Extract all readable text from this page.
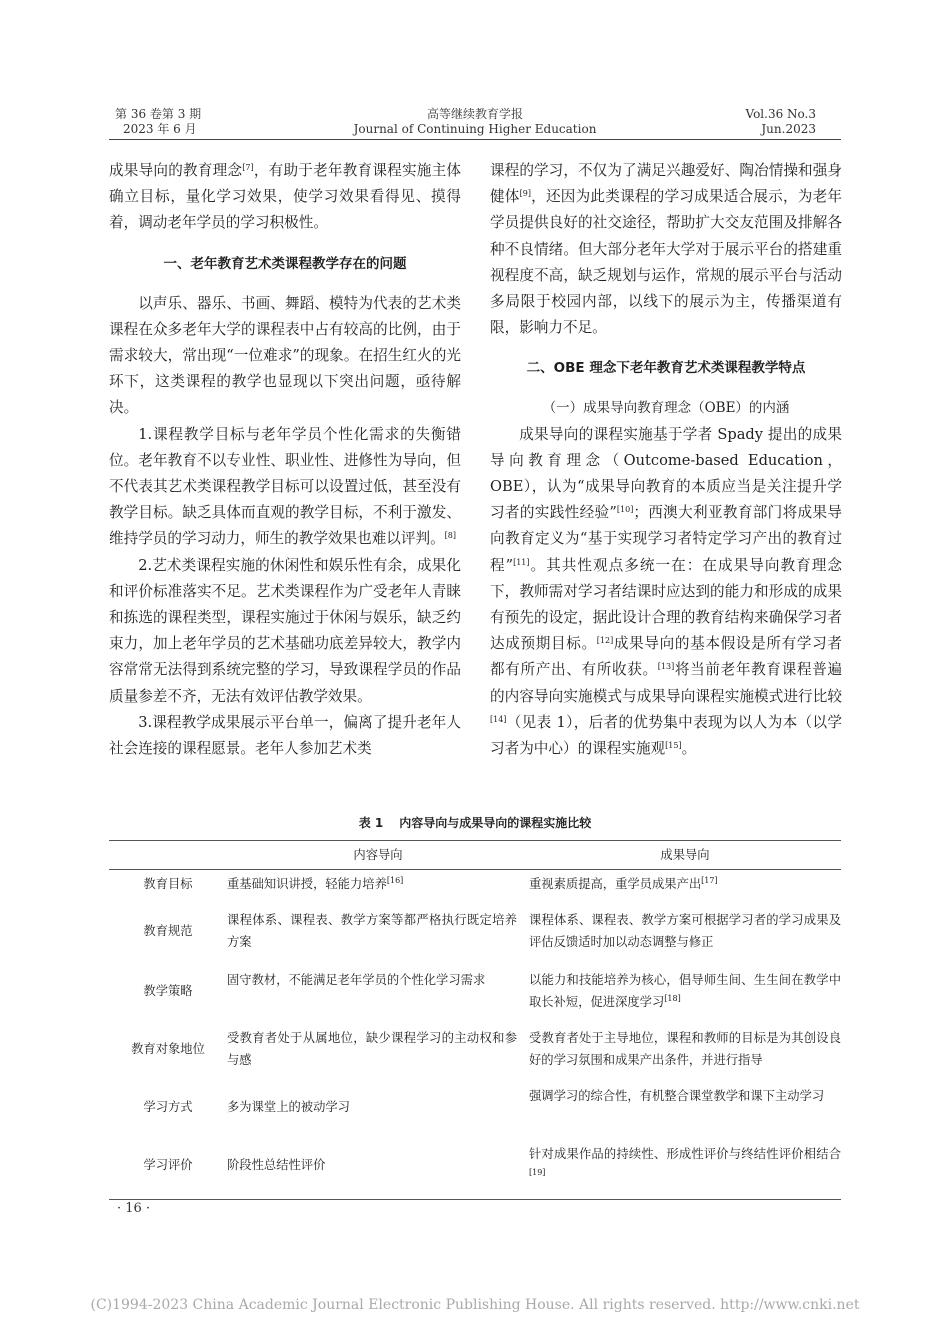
第 36 卷第 3 期
2023 年 6 月
高等继续教育学报
Journal of Continuing Higher Education
Vol.36 No.3
Jun.2023

成果导向的教育理念[7]，有助于老年教育课程实施主体确立目标，量化学习效果，使学习效果看得见、摸得着，调动老年学员的学习积极性。

一、老年教育艺术类课程教学存在的问题

以声乐、器乐、书画、舞蹈、模特为代表的艺术类课程在众多老年大学的课程表中占有较高的比例，由于需求较大，常出现“一位难求”的现象。在招生红火的光环下，这类课程的教学也显现以下突出问题，亟待解决。

1.课程教学目标与老年学员个性化需求的失衡错位。老年教育不以专业性、职业性、进修性为导向，但不代表其艺术类课程教学目标可以设置过低，甚至没有教学目标。缺乏具体而直观的教学目标，不利于激发、维持学员的学习动力，师生的教学效果也难以评判。[8]

2.艺术类课程实施的休闲性和娱乐性有余，成果化和评价标准落实不足。艺术类课程作为广受老年人青睐和拣选的课程类型，课程实施过于休闲与娱乐，缺乏约束力，加上老年学员的艺术基础功底差异较大，教学内容常常无法得到系统完整的学习，导致课程学员的作品质量参差不齐，无法有效评估教学效果。

3.课程教学成果展示平台单一，偏离了提升老年人社会连接的课程愿景。老年人参加艺术类

课程的学习，不仅为了满足兴趣爱好、陶冶情操和强身健体[9]，还因为此类课程的学习成果适合展示，为老年学员提供良好的社交途径，帮助扩大交友范围及排解各种不良情绪。但大部分老年大学对于展示平台的搭建重视程度不高，缺乏规划与运作，常规的展示平台与活动多局限于校园内部，以线下的展示为主，传播渠道有限，影响力不足。

二、OBE 理念下老年教育艺术类课程教学特点

（一）成果导向教育理念（OBE）的内涵

成果导向的课程实施基于学者 Spady 提出的成果导向教育理念（Outcome-based Education，OBE），认为“成果导向教育的本质应当是关注提升学习者的实践性经验”[10]；西澳大利亚教育部门将成果导向教育定义为“基于实现学习者特定学习产出的教育过程”[11]。其共性观点多统一在：在成果导向教育理念下，教师需对学习者结课时应达到的能力和形成的成果有预先的设定，据此设计合理的教育结构来确保学习者达成预期目标。[12]成果导向的基本假设是所有学习者都有所产出、有所收获。[13]将当前老年教育课程普遍的内容导向实施模式与成果导向课程实施模式进行比较[14]（见表 1），后者的优势集中表现为以人为本（以学习者为中心）的课程实施观[15]。

表 1 内容导向与成果导向的课程实施比较
	内容导向	成果导向
教育目标	重基础知识讲授，轻能力培养[16]	重视素质提高，重学员成果产出[17]
教育规范	课程体系、课程表、教学方案等都严格执行既定培养方案	课程体系、课程表、教学方案可根据学习者的学习成果及评估反馈适时加以动态调整与修正
教学策略	固守教材，不能满足老年学员的个性化学习需求	以能力和技能培养为核心，倡导师生间、生生间在教学中取长补短，促进深度学习[18]
教育对象地位	受教育者处于从属地位，缺少课程学习的主动权和参与感	受教育者处于主导地位，课程和教师的目标是为其创设良好的学习氛围和成果产出条件，并进行指导
学习方式	多为课堂上的被动学习	强调学习的综合性，有机整合课堂教学和课下主动学习
学习评价	阶段性总结性评价	针对成果作品的持续性、形成性评价与终结性评价相结合[19]
· 16 ·
(C)1994-2023 China Academic Journal Electronic Publishing House. All rights reserved. http://www.cnki.net
